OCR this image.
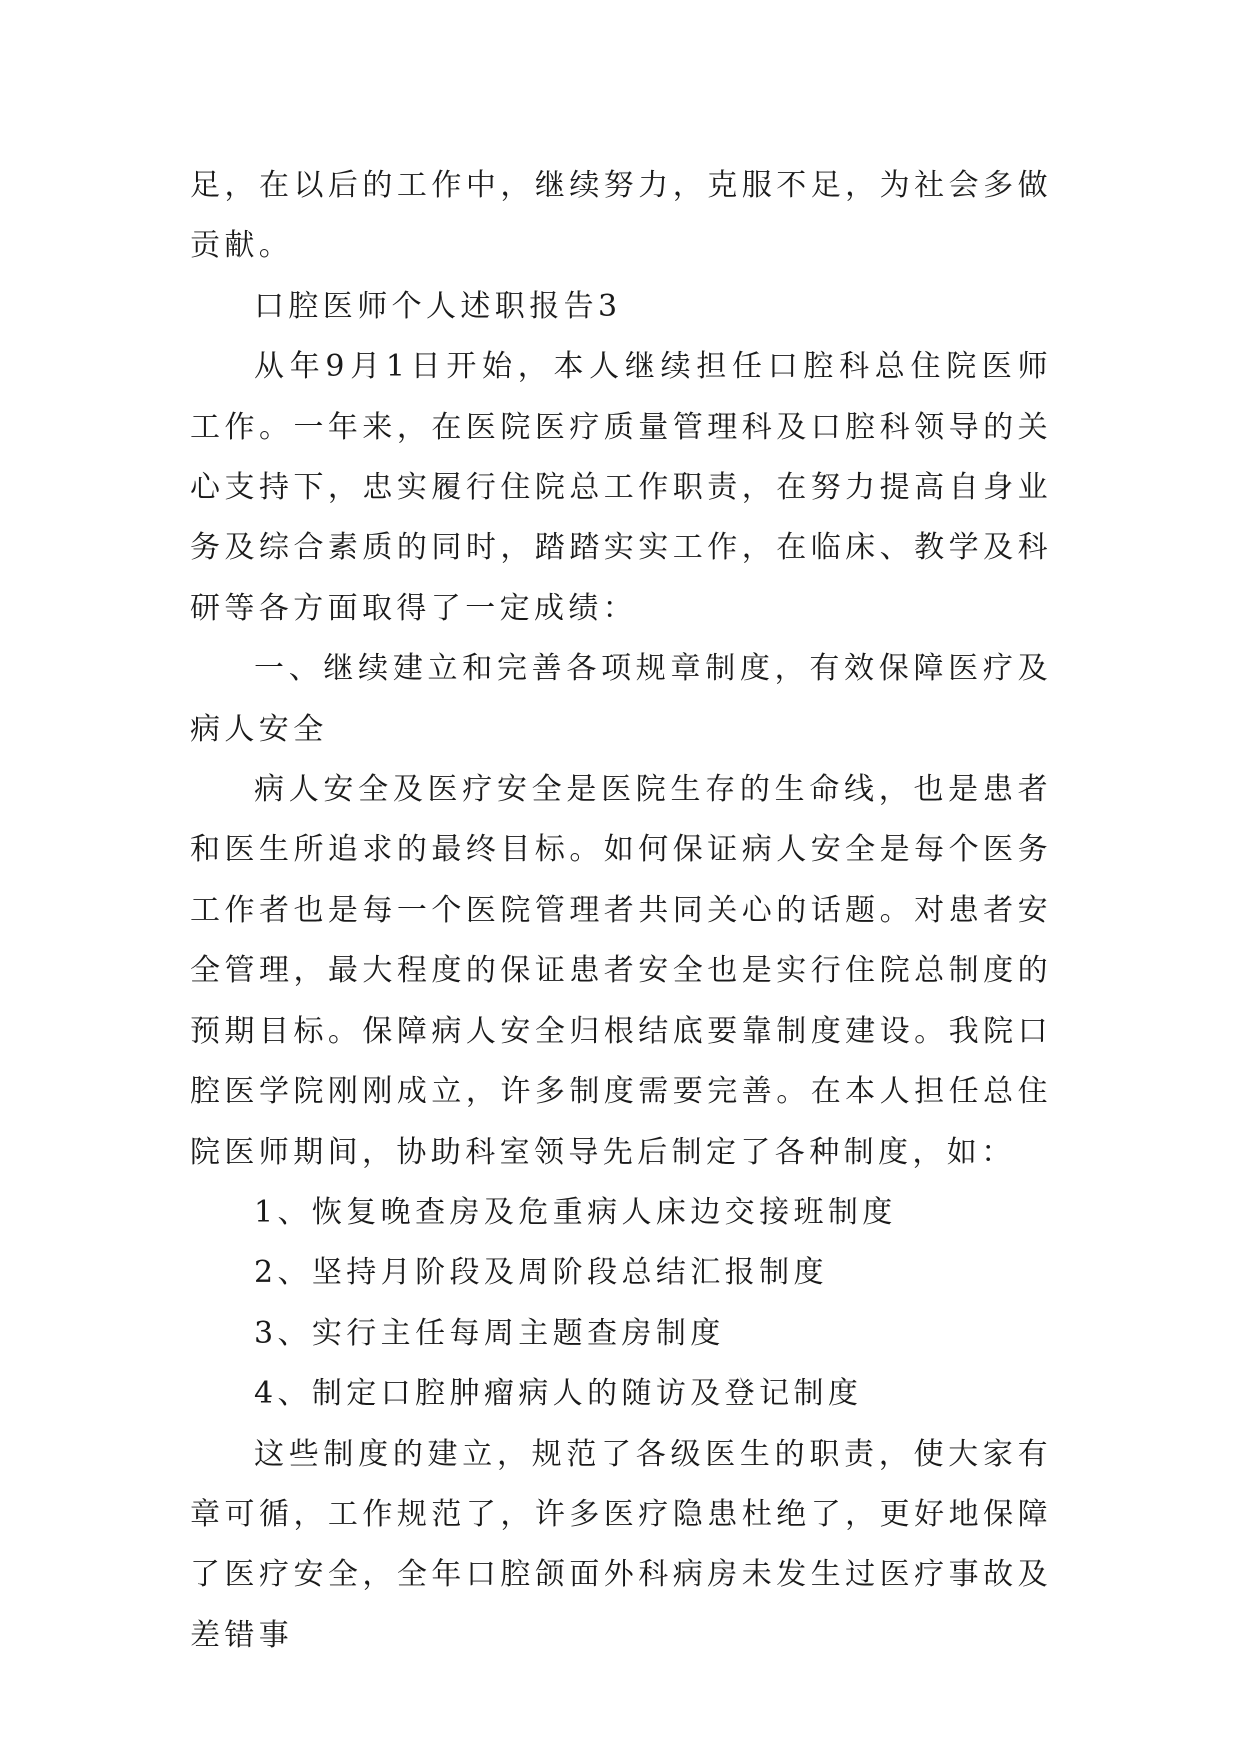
足，在以后的工作中，继续努力，克服不足，为社会多做贡献。

口腔医师个人述职报告3

从年9月1日开始，本人继续担任口腔科总住院医师工作。一年来，在医院医疗质量管理科及口腔科领导的关心支持下，忠实履行住院总工作职责，在努力提高自身业务及综合素质的同时，踏踏实实工作，在临床、教学及科研等各方面取得了一定成绩：

一、继续建立和完善各项规章制度，有效保障医疗及病人安全

病人安全及医疗安全是医院生存的生命线，也是患者和医生所追求的最终目标。如何保证病人安全是每个医务工作者也是每一个医院管理者共同关心的话题。对患者安全管理，最大程度的保证患者安全也是实行住院总制度的预期目标。保障病人安全归根结底要靠制度建设。我院口腔医学院刚刚成立，许多制度需要完善。在本人担任总住院医师期间，协助科室领导先后制定了各种制度，如：

1、恢复晚查房及危重病人床边交接班制度

2、坚持月阶段及周阶段总结汇报制度

3、实行主任每周主题查房制度

4、制定口腔肿瘤病人的随访及登记制度

这些制度的建立，规范了各级医生的职责，使大家有章可循，工作规范了，许多医疗隐患杜绝了，更好地保障了医疗安全，全年口腔颌面外科病房未发生过医疗事故及差错事
